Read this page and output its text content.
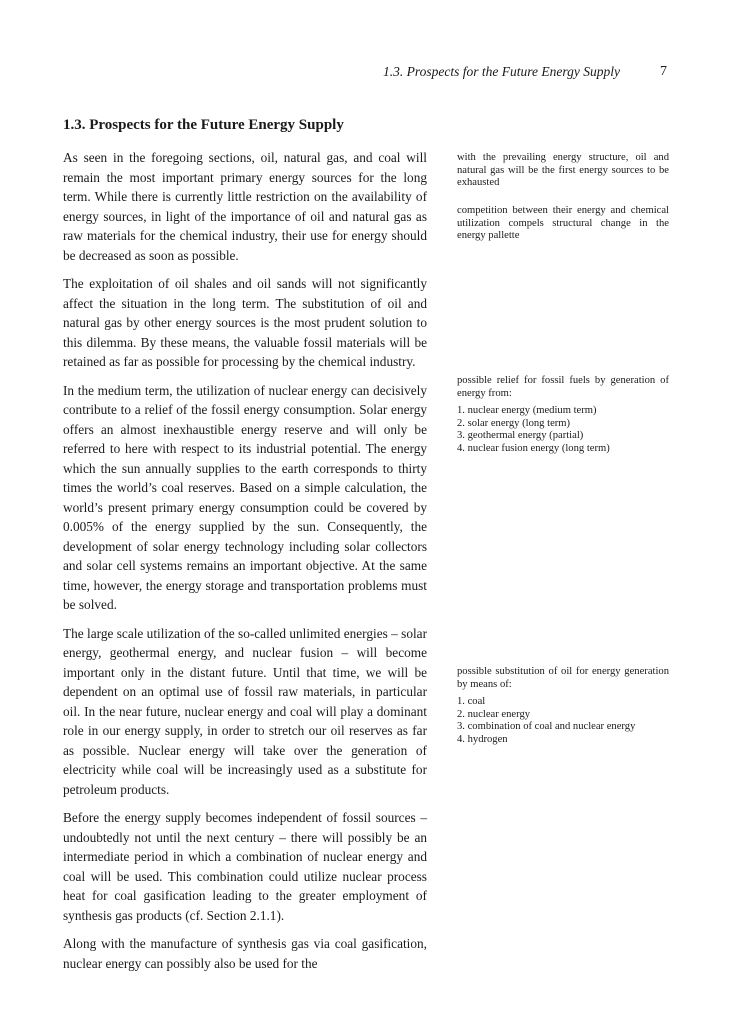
1.3. Prospects for the Future Energy Supply	7
1.3. Prospects for the Future Energy Supply

As seen in the foregoing sections, oil, natural gas, and coal will remain the most important primary energy sources for the long term. While there is currently little restriction on the availability of energy sources, in light of the importance of oil and natural gas as raw materials for the chemical industry, their use for energy should be decreased as soon as possible.

The exploitation of oil shales and oil sands will not significantly affect the situation in the long term. The substitution of oil and natural gas by other energy sources is the most prudent solution to this dilemma. By these means, the valuable fossil materials will be retained as far as possible for processing by the chemical industry.

In the medium term, the utilization of nuclear energy can decisively contribute to a relief of the fossil energy consumption. Solar energy offers an almost inexhaustible energy reserve and will only be referred to here with respect to its industrial potential. The energy which the sun annually supplies to the earth corresponds to thirty times the world’s coal reserves. Based on a simple calculation, the world’s present primary energy consumption could be covered by 0.005% of the energy supplied by the sun. Consequently, the development of solar energy technology including solar collectors and solar cell systems remains an important objective. At the same time, however, the energy storage and transportation problems must be solved.

The large scale utilization of the so-called unlimited energies – solar energy, geothermal energy, and nuclear fusion – will become important only in the distant future. Until that time, we will be dependent on an optimal use of fossil raw materials, in particular oil. In the near future, nuclear energy and coal will play a dominant role in our energy supply, in order to stretch our oil reserves as far as possible. Nuclear energy will take over the generation of electricity while coal will be increasingly used as a substitute for petroleum products.

Before the energy supply becomes independent of fossil sources – undoubtedly not until the next century – there will possibly be an intermediate period in which a combination of nuclear energy and coal will be used. This combination could utilize nuclear process heat for coal gasification leading to the greater employment of synthesis gas products (cf. Section 2.1.1).

Along with the manufacture of synthesis gas via coal gasification, nuclear energy can possibly also be used for the

with the prevailing energy structure, oil and natural gas will be the first energy sources to be exhausted

competition between their energy and chemical utilization compels structural change in the energy pallette

possible relief for fossil fuels by generation of energy from:

1. nuclear energy (medium term)
2. solar energy (long term)
3. geothermal energy (partial)
4. nuclear fusion energy (long term)

possible substitution of oil for energy generation by means of:

1. coal
2. nuclear energy
3. combination of coal and nuclear energy
4. hydrogen
